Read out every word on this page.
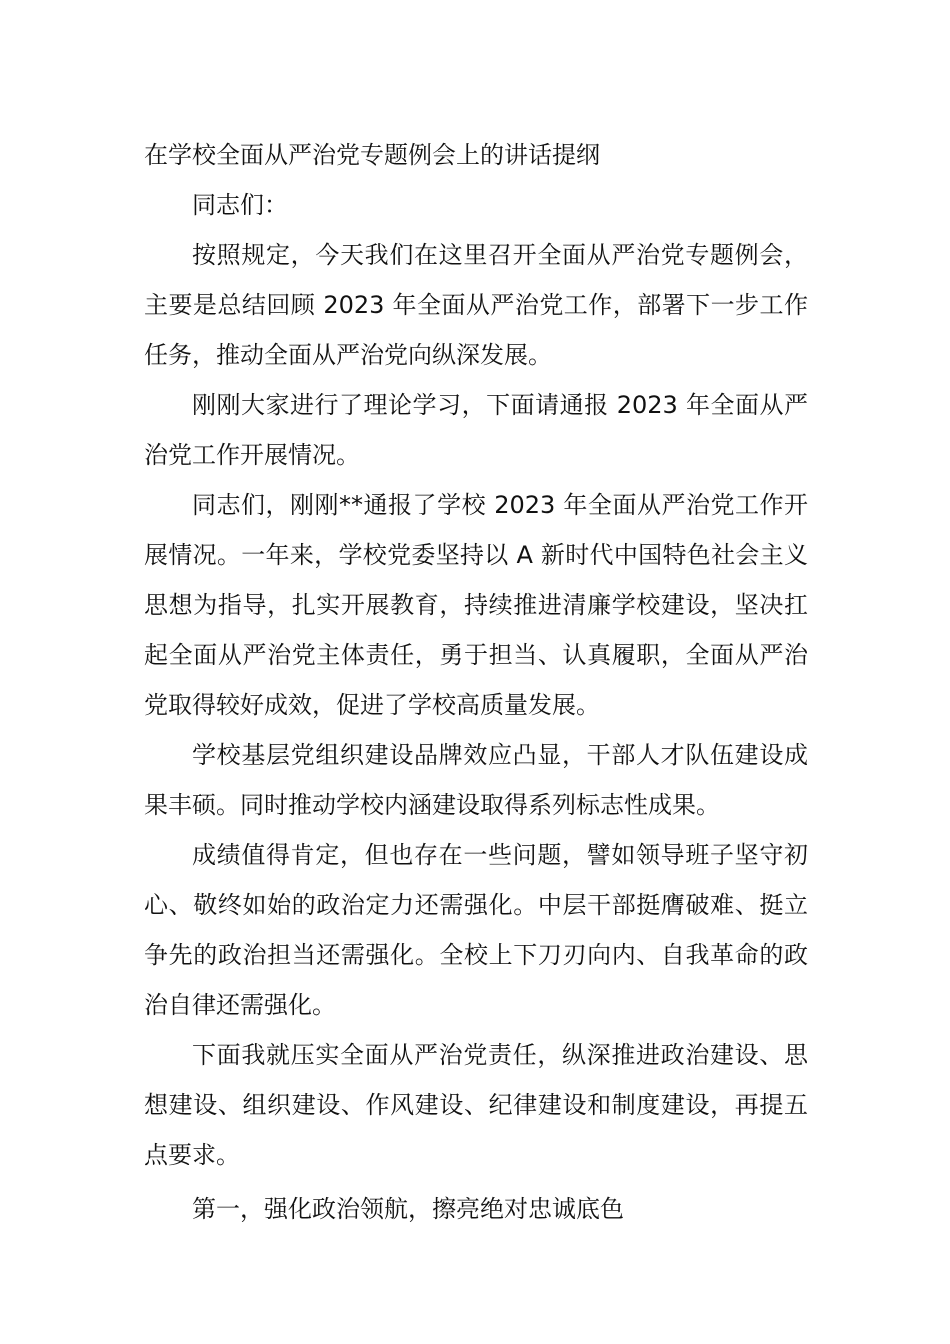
在学校全面从严治党专题例会上的讲话提纲

同志们：

按照规定，今天我们在这里召开全面从严治党专题例会，主要是总结回顾 2023 年全面从严治党工作，部署下一步工作任务，推动全面从严治党向纵深发展。

刚刚大家进行了理论学习，下面请通报 2023 年全面从严治党工作开展情况。

同志们，刚刚**通报了学校 2023 年全面从严治党工作开展情况。一年来，学校党委坚持以 A 新时代中国特色社会主义思想为指导，扎实开展教育，持续推进清廉学校建设，坚决扛起全面从严治党主体责任，勇于担当、认真履职，全面从严治党取得较好成效，促进了学校高质量发展。

学校基层党组织建设品牌效应凸显，干部人才队伍建设成果丰硕。同时推动学校内涵建设取得系列标志性成果。

成绩值得肯定，但也存在一些问题，譬如领导班子坚守初心、敬终如始的政治定力还需强化。中层干部挺膺破难、挺立争先的政治担当还需强化。全校上下刀刃向内、自我革命的政治自律还需强化。

下面我就压实全面从严治党责任，纵深推进政治建设、思想建设、组织建设、作风建设、纪律建设和制度建设，再提五点要求。

第一，强化政治领航，擦亮绝对忠诚底色
